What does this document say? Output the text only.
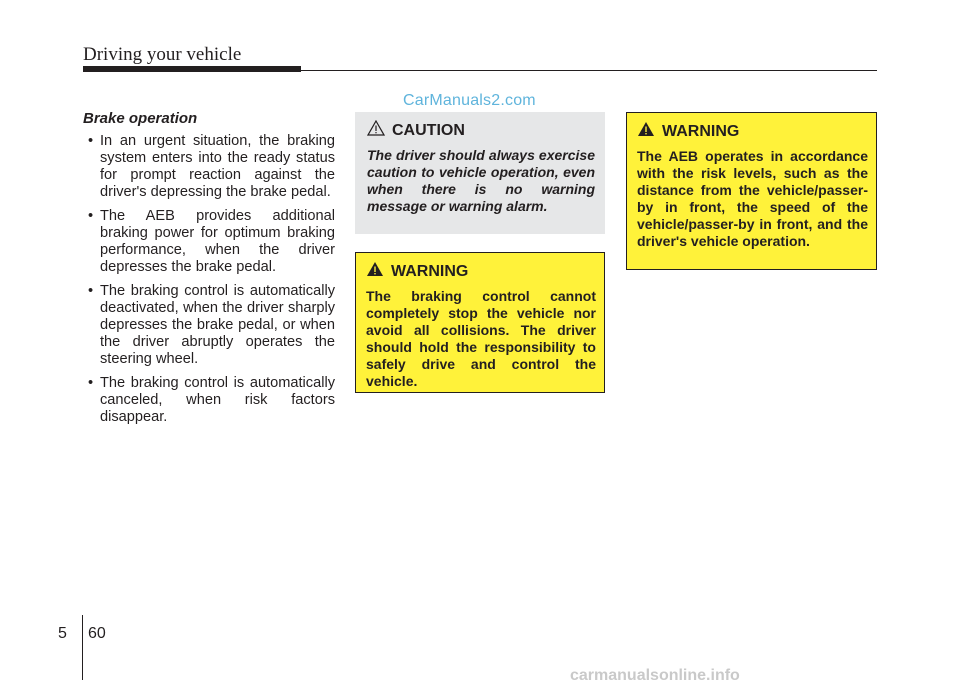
Driving your vehicle
CarManuals2.com
Brake operation
• In an urgent situation, the braking system enters into the ready status for prompt reaction against the driver's depressing the brake pedal.
• The AEB provides additional braking power for optimum braking performance, when the driver depresses the brake pedal.
• The braking control is automatically deactivated, when the driver sharply depresses the brake pedal, or when the driver abruptly operates the steering wheel.
• The braking control is automatically canceled, when risk factors disappear.
CAUTION
The driver should always exercise caution to vehicle operation, even when there is no warning message or warning alarm.
WARNING
The braking control cannot completely stop the vehicle nor avoid all collisions. The driver should hold the responsibility to safely drive and control the vehicle.
WARNING
The AEB operates in accordance with the risk levels, such as the distance from the vehicle/passer-by in front, the speed of the vehicle/passer-by in front, and the driver's vehicle operation.
5 60
carmanualsonline.info
